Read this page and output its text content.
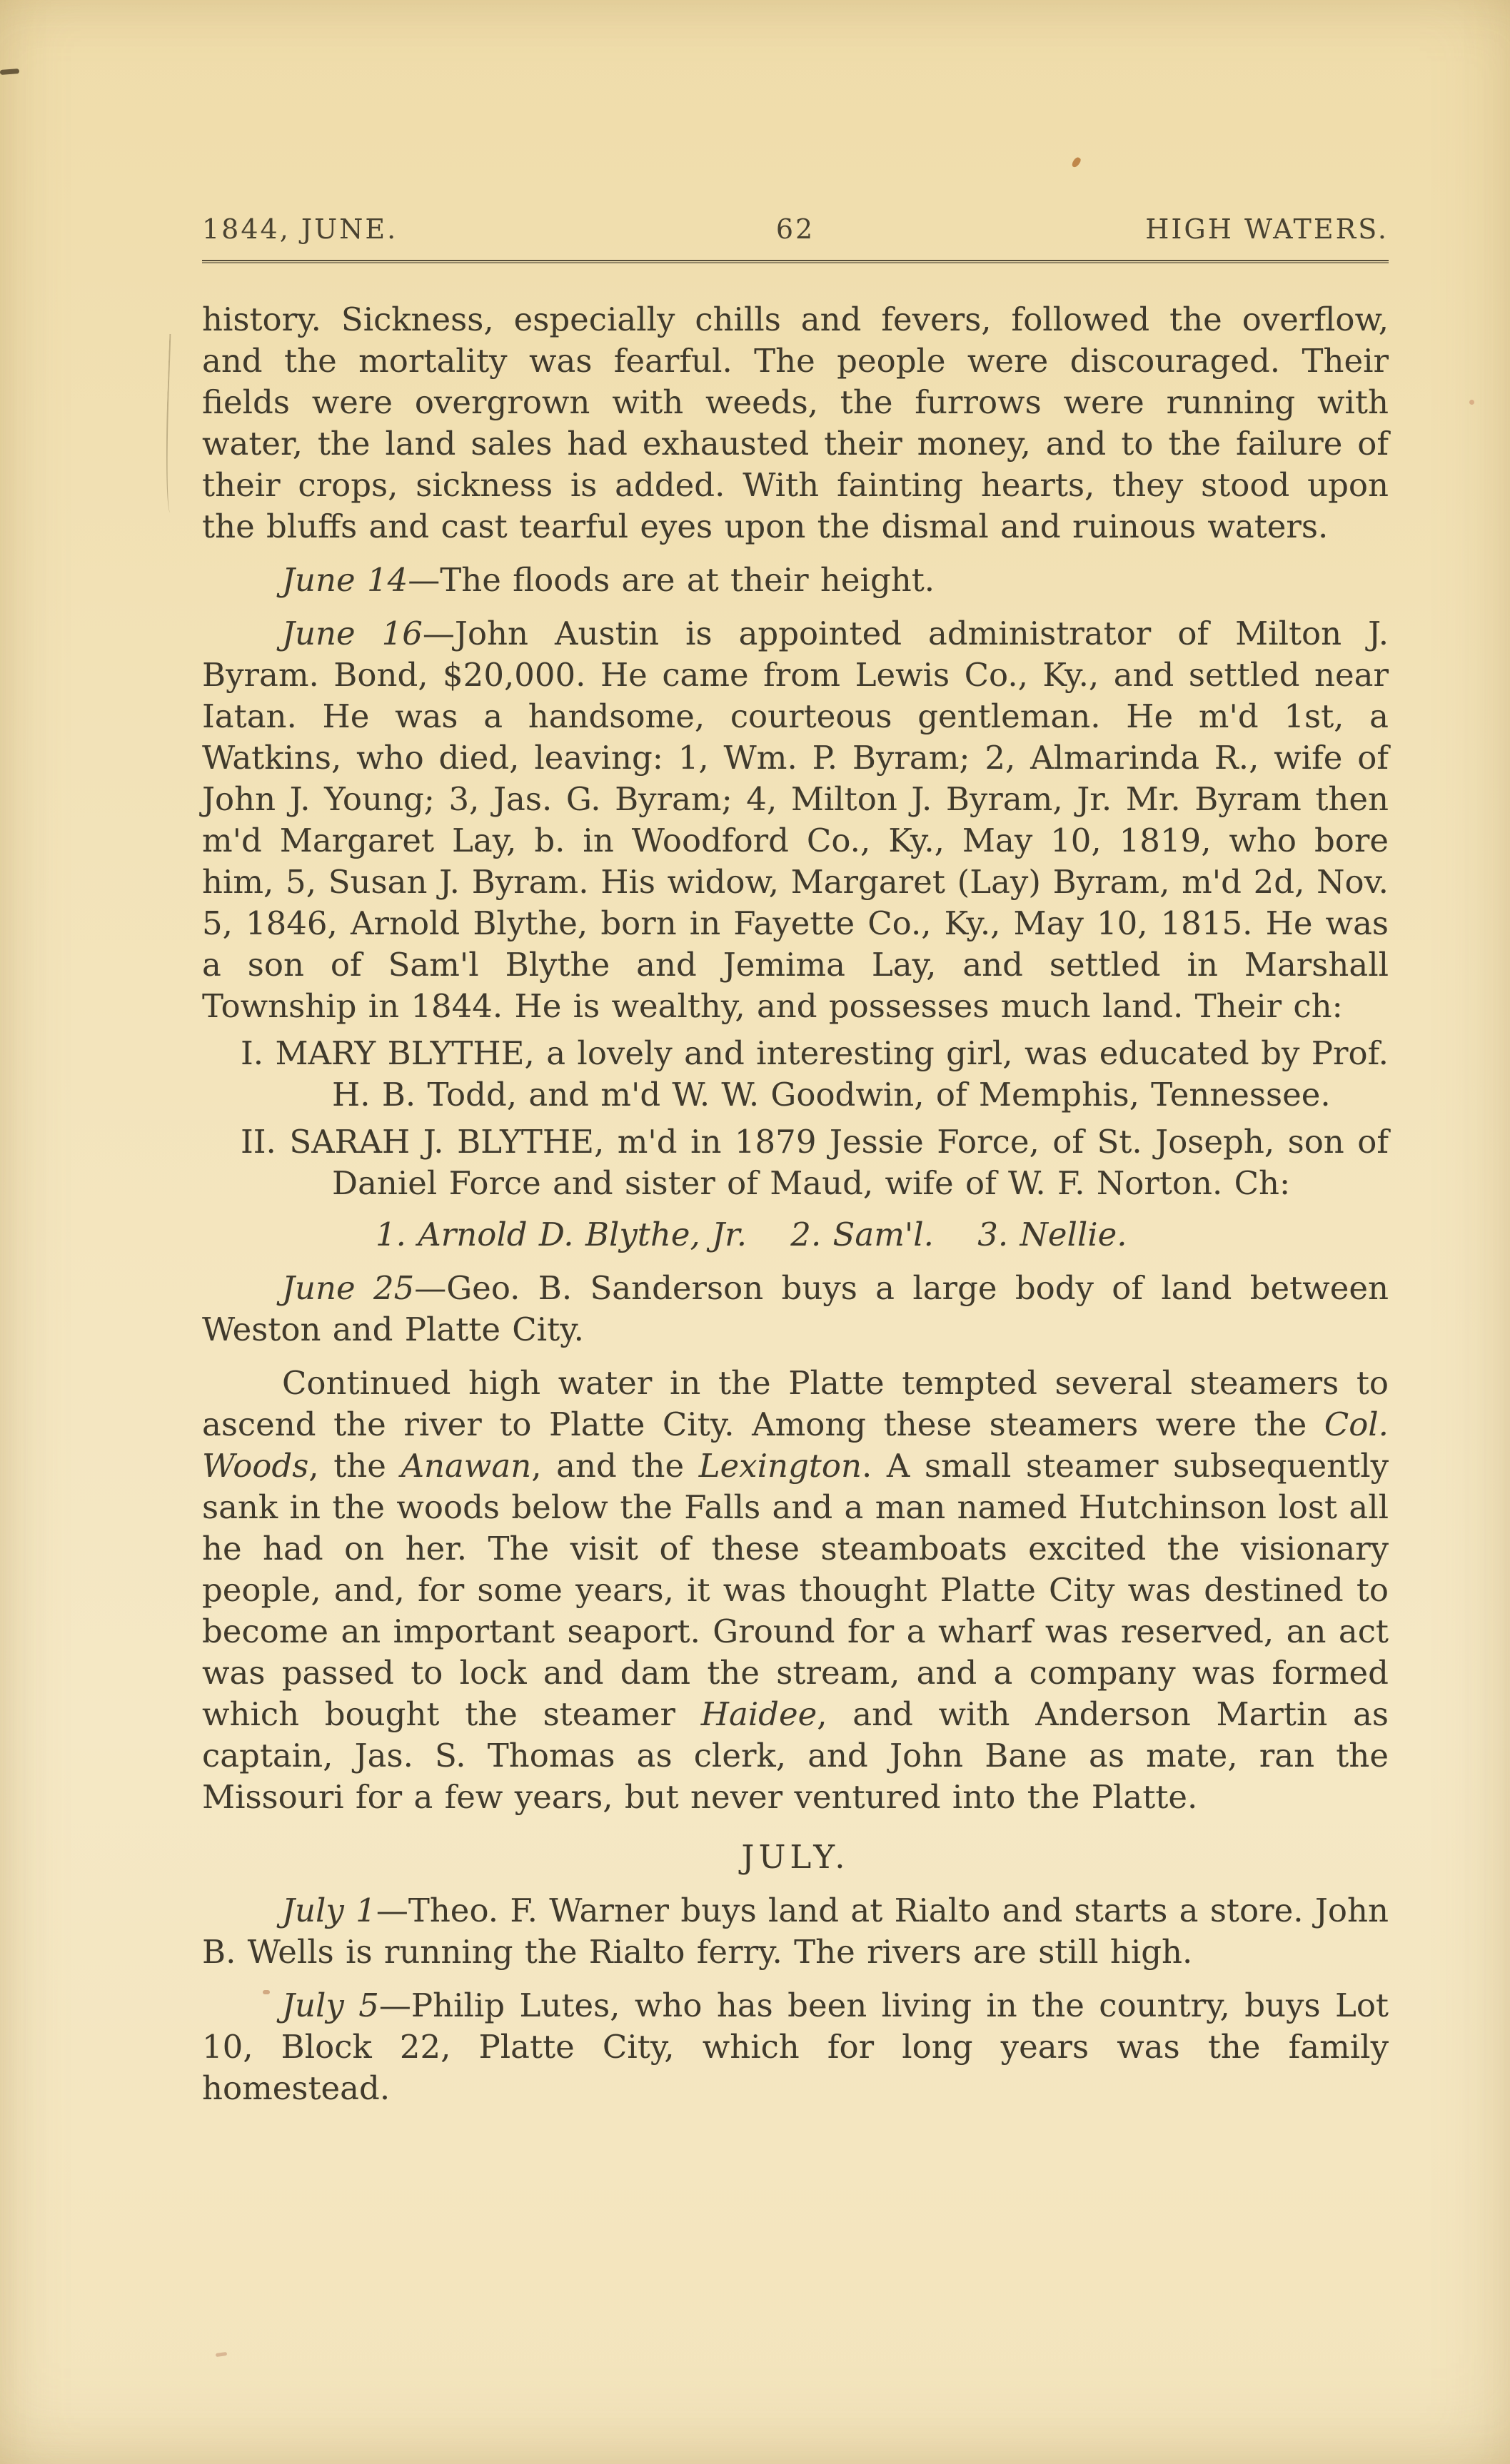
1844, JUNE.	62	HIGH WATERS.

history. Sickness, especially chills and fevers, followed the overflow, and the mortality was fearful. The people were discouraged. Their fields were overgrown with weeds, the furrows were running with water, the land sales had exhausted their money, and to the failure of their crops, sickness is added. With fainting hearts, they stood upon the bluffs and cast tearful eyes upon the dismal and ruinous waters.

June 14—The floods are at their height.

June 16—John Austin is appointed administrator of Milton J. Byram. Bond, $20,000. He came from Lewis Co., Ky., and settled near Iatan. He was a handsome, courteous gentleman. He m'd 1st, a Watkins, who died, leaving: 1, Wm. P. Byram; 2, Almarinda R., wife of John J. Young; 3, Jas. G. Byram; 4, Milton J. Byram, Jr. Mr. Byram then m'd Margaret Lay, b. in Woodford Co., Ky., May 10, 1819, who bore him, 5, Susan J. Byram. His widow, Margaret (Lay) Byram, m'd 2d, Nov. 5, 1846, Arnold Blythe, born in Fayette Co., Ky., May 10, 1815. He was a son of Sam'l Blythe and Jemima Lay, and settled in Marshall Township in 1844. He is wealthy, and possesses much land. Their ch:

I. MARY BLYTHE, a lovely and interesting girl, was educated by Prof. H. B. Todd, and m'd W. W. Goodwin, of Memphis, Tennessee.

II. SARAH J. BLYTHE, m'd in 1879 Jessie Force, of St. Joseph, son of Daniel Force and sister of Maud, wife of W. F. Norton. Ch:

1. Arnold D. Blythe, Jr.  2. Sam'l.  3. Nellie.

June 25—Geo. B. Sanderson buys a large body of land between Weston and Platte City.

Continued high water in the Platte tempted several steamers to ascend the river to Platte City. Among these steamers were the Col. Woods, the Anawan, and the Lexington. A small steamer subsequently sank in the woods below the Falls and a man named Hutchinson lost all he had on her. The visit of these steamboats excited the visionary people, and, for some years, it was thought Platte City was destined to become an important seaport. Ground for a wharf was reserved, an act was passed to lock and dam the stream, and a company was formed which bought the steamer Haidee, and with Anderson Martin as captain, Jas. S. Thomas as clerk, and John Bane as mate, ran the Missouri for a few years, but never ventured into the Platte.

JULY.

July 1—Theo. F. Warner buys land at Rialto and starts a store. John B. Wells is running the Rialto ferry. The rivers are still high.

July 5—Philip Lutes, who has been living in the country, buys Lot 10, Block 22, Platte City, which for long years was the family homestead.
